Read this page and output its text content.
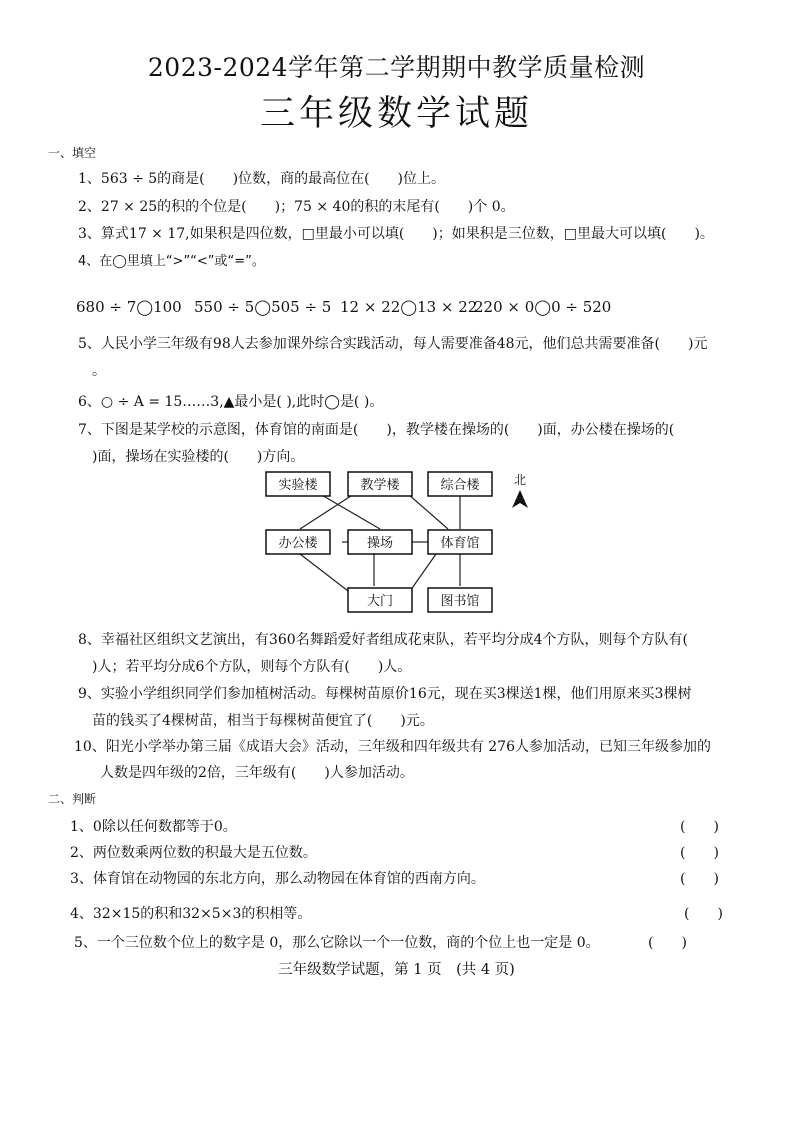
2023-2024学年第二学期期中教学质量检测
三年级数学试题
一、填空
1、563 ÷ 5的商是(　　)位数，商的最高位在(　　)位上。
2、27 × 25的积的个位是(　　)；75 × 40的积的末尾有(　　)个 0。
3、算式17 × 17,如果积是四位数，□里最小可以填(　　)；如果积是三位数，□里最大可以填(　　)。
4、在◯里填上“>”“<”或“=”。
680 ÷ 7◯100 550 ÷ 5◯505 ÷ 5 12 × 22◯13 × 22
220 × 0◯0 ÷ 520
5、人民小学三年级有98人去参加课外综合实践活动，每人需要准备48元，他们总共需要准备(　　)元
。
6、○ ÷ A = 15……3,▲最小是( ),此时◯是( )。
7、下图是某学校的示意图，体育馆的南面是(　　)，教学楼在操场的(　　)面，办公楼在操场的(
)面，操场在实验楼的(　　)方向。
实验楼	教学楼	综合楼
办公楼	操场	体育馆
大门	图书馆
北
8、幸福社区组织文艺演出，有360名舞蹈爱好者组成花束队，若平均分成4个方队，则每个方队有(
)人；若平均分成6个方队，则每个方队有(　　)人。
9、实验小学组织同学们参加植树活动。每棵树苗原价16元，现在买3棵送1棵，他们用原来买3棵树
苗的钱买了4棵树苗，相当于每棵树苗便宜了(　　)元。
10、阳光小学举办第三届《成语大会》活动，三年级和四年级共有 276人参加活动，已知三年级参加的
人数是四年级的2倍，三年级有(　　)人参加活动。
二、判断
1、0除以任何数都等于0。	(　　)
2、两位数乘两位数的积最大是五位数。	(　　)
3、体育馆在动物园的东北方向，那么动物园在体育馆的西南方向。	(　　)
4、32×15的积和32×5×3的积相等。	(　　)
5、一个三位数个位上的数字是 0，那么它除以一个一位数，商的个位上也一定是 0。	(　　)
三年级数学试题，第 1 页　(共 4 页)
